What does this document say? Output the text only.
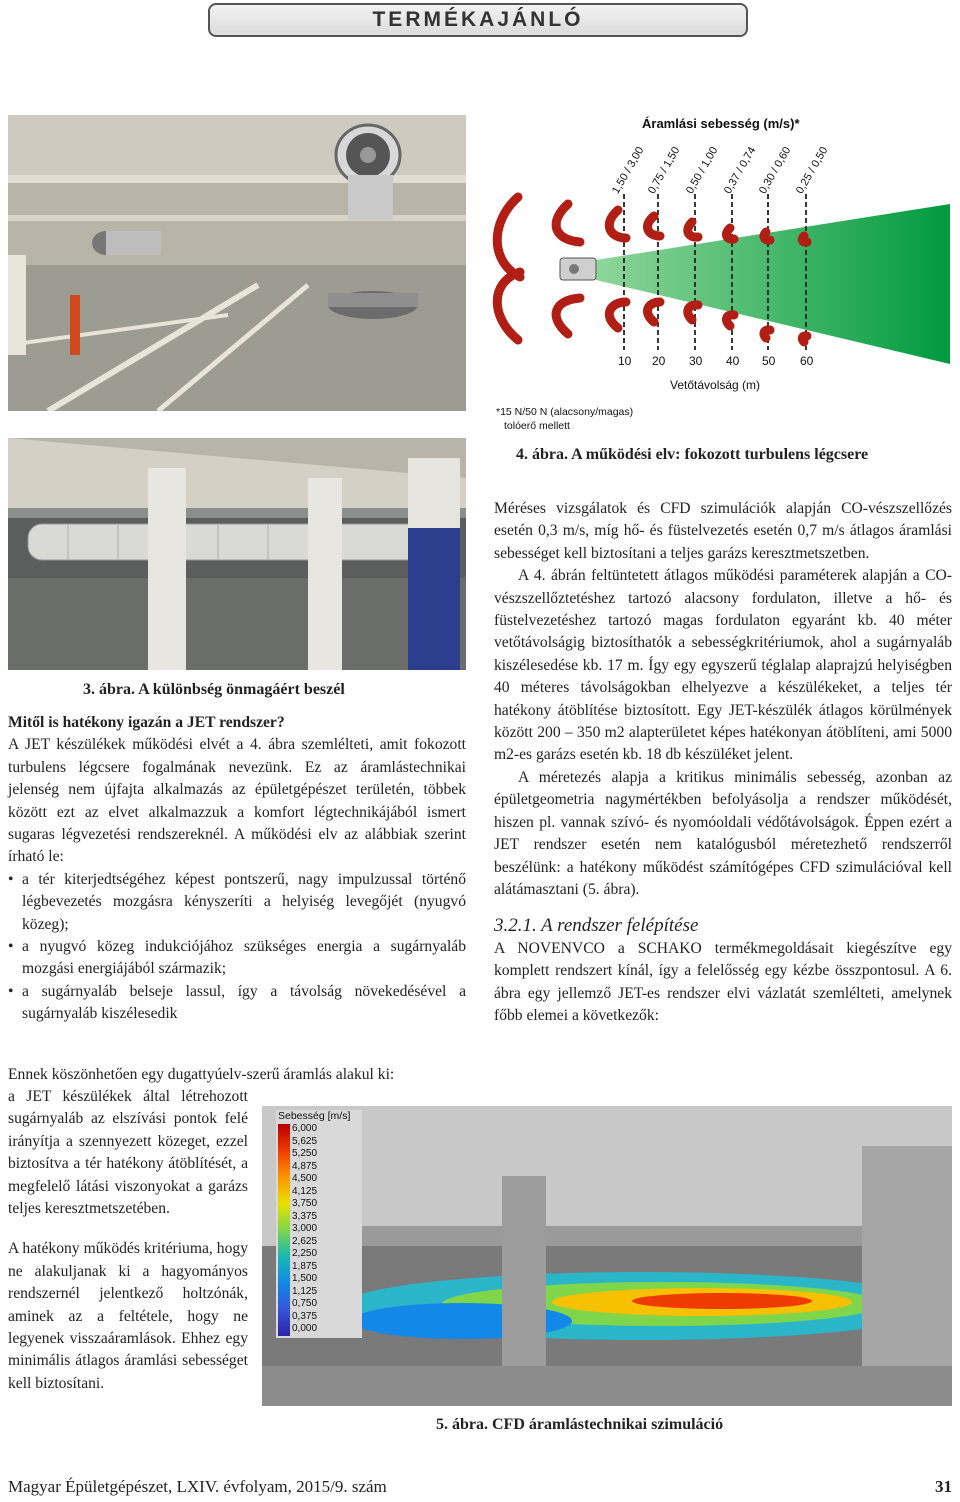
TERMÉKAJÁNLÓ
Áramlási sebesség (m/s)*
1,50 / 3,00 0,75 / 1,50 0,50 / 1,00 0,37 / 0,74
0,30 / 0,60 0,25 / 0,50
10 20 30 40 50 60
Vetőtávolság (m)
*15 N/50 N (alacsony/magas)
tolóerő mellett
4. ábra. A működési elv: fokozott turbulens légcsere
3. ábra. A különbség önmagáért beszél

Mitől is hatékony igazán a JET rendszer?

A JET készülékek működési elvét a 4. ábra szemlélteti, amit fokozott turbulens légcsere fogalmának nevezünk. Ez az áramlástechnikai jelenség nem újfajta alkalmazás az épületgépészet területén, többek között ezt az elvet alkalmazzuk a komfort légtechnikájából ismert sugaras légvezetési rendszereknél. A működési elv az alábbiak szerint írható le:

• a tér kiterjedtségéhez képest pontszerű, nagy impulzussal történő légbevezetés mozgásra kényszeríti a helyiség levegőjét (nyugvó közeg);
• a nyugvó közeg indukciójához szükséges energia a sugárnyaláb mozgási energiájából származik;
• a sugárnyaláb belseje lassul, így a távolság növekedésével a sugárnyaláb kiszélesedik

Ennek köszönhetően egy dugattyúelv-szerű áramlás alakul ki:

a JET készülékek által létrehozott sugárnyaláb az elszívási pontok felé irányítja a szennyezett közeget, ezzel biztosítva a tér hatékony átöblítését, a megfelelő látási viszonyokat a garázs teljes keresztmetszetében.

A hatékony működés kritériuma, hogy ne alakuljanak ki a hagyományos rendszernél jelentkező holtzónák, aminek az a feltétele, hogy ne legyenek visszaáramlások. Ehhez egy minimális átlagos áramlási sebességet kell biztosítani.

Méréses vizsgálatok és CFD szimulációk alapján CO-vészszellőzés esetén 0,3 m/s, míg hő- és füstelvezetés esetén 0,7 m/s átlagos áramlási sebességet kell biztosítani a teljes garázs keresztmetszetben.

A 4. ábrán feltüntetett átlagos működési paraméterek alapján a CO-vészszellőztetéshez tartozó alacsony fordulaton, illetve a hő- és füstelvezetéshez tartozó magas fordulaton egyaránt kb. 40 méter vetőtávolságig biztosíthatók a sebességkritériumok, ahol a sugárnyaláb kiszélesedése kb. 17 m. Így egy egyszerű téglalap alaprajzú helyiségben 40 méteres távolságokban elhelyezve a készülékeket, a teljes tér hatékony átöblítése biztosított. Egy JET-készülék átlagos körülmények között 200 – 350 m2 alapterületet képes hatékonyan átöblíteni, ami 5000 m2-es garázs esetén kb. 18 db készüléket jelent.

A méretezés alapja a kritikus minimális sebesség, azonban az épületgeometria nagymértékben befolyásolja a rendszer működését, hiszen pl. vannak szívó- és nyomóoldali védőtávolságok. Éppen ezért a JET rendszer esetén nem katalógusból méretezhető rendszerről beszélünk: a hatékony működést számítógépes CFD szimulációval kell alátámasztani (5. ábra).

3.2.1. A rendszer felépítése

A NOVENVCO a SCHAKO termékmegoldásait kiegészítve egy komplett rendszert kínál, így a felelősség egy kézbe összpontosul. A 6. ábra egy jellemző JET-es rendszer elvi vázlatát szemlélteti, amelynek főbb elemei a következők:

Sebesség [m/s]
6,000
5,625
5,250
4,875
4,500
4,125
3,750
3,375
3,000
2,625
2,250
1,875
1,500
1,125
0,750
0,375
0,000
5. ábra. CFD áramlástechnikai szimuláció
Magyar Épületgépészet, LXIV. évfolyam, 2015/9. szám	31
